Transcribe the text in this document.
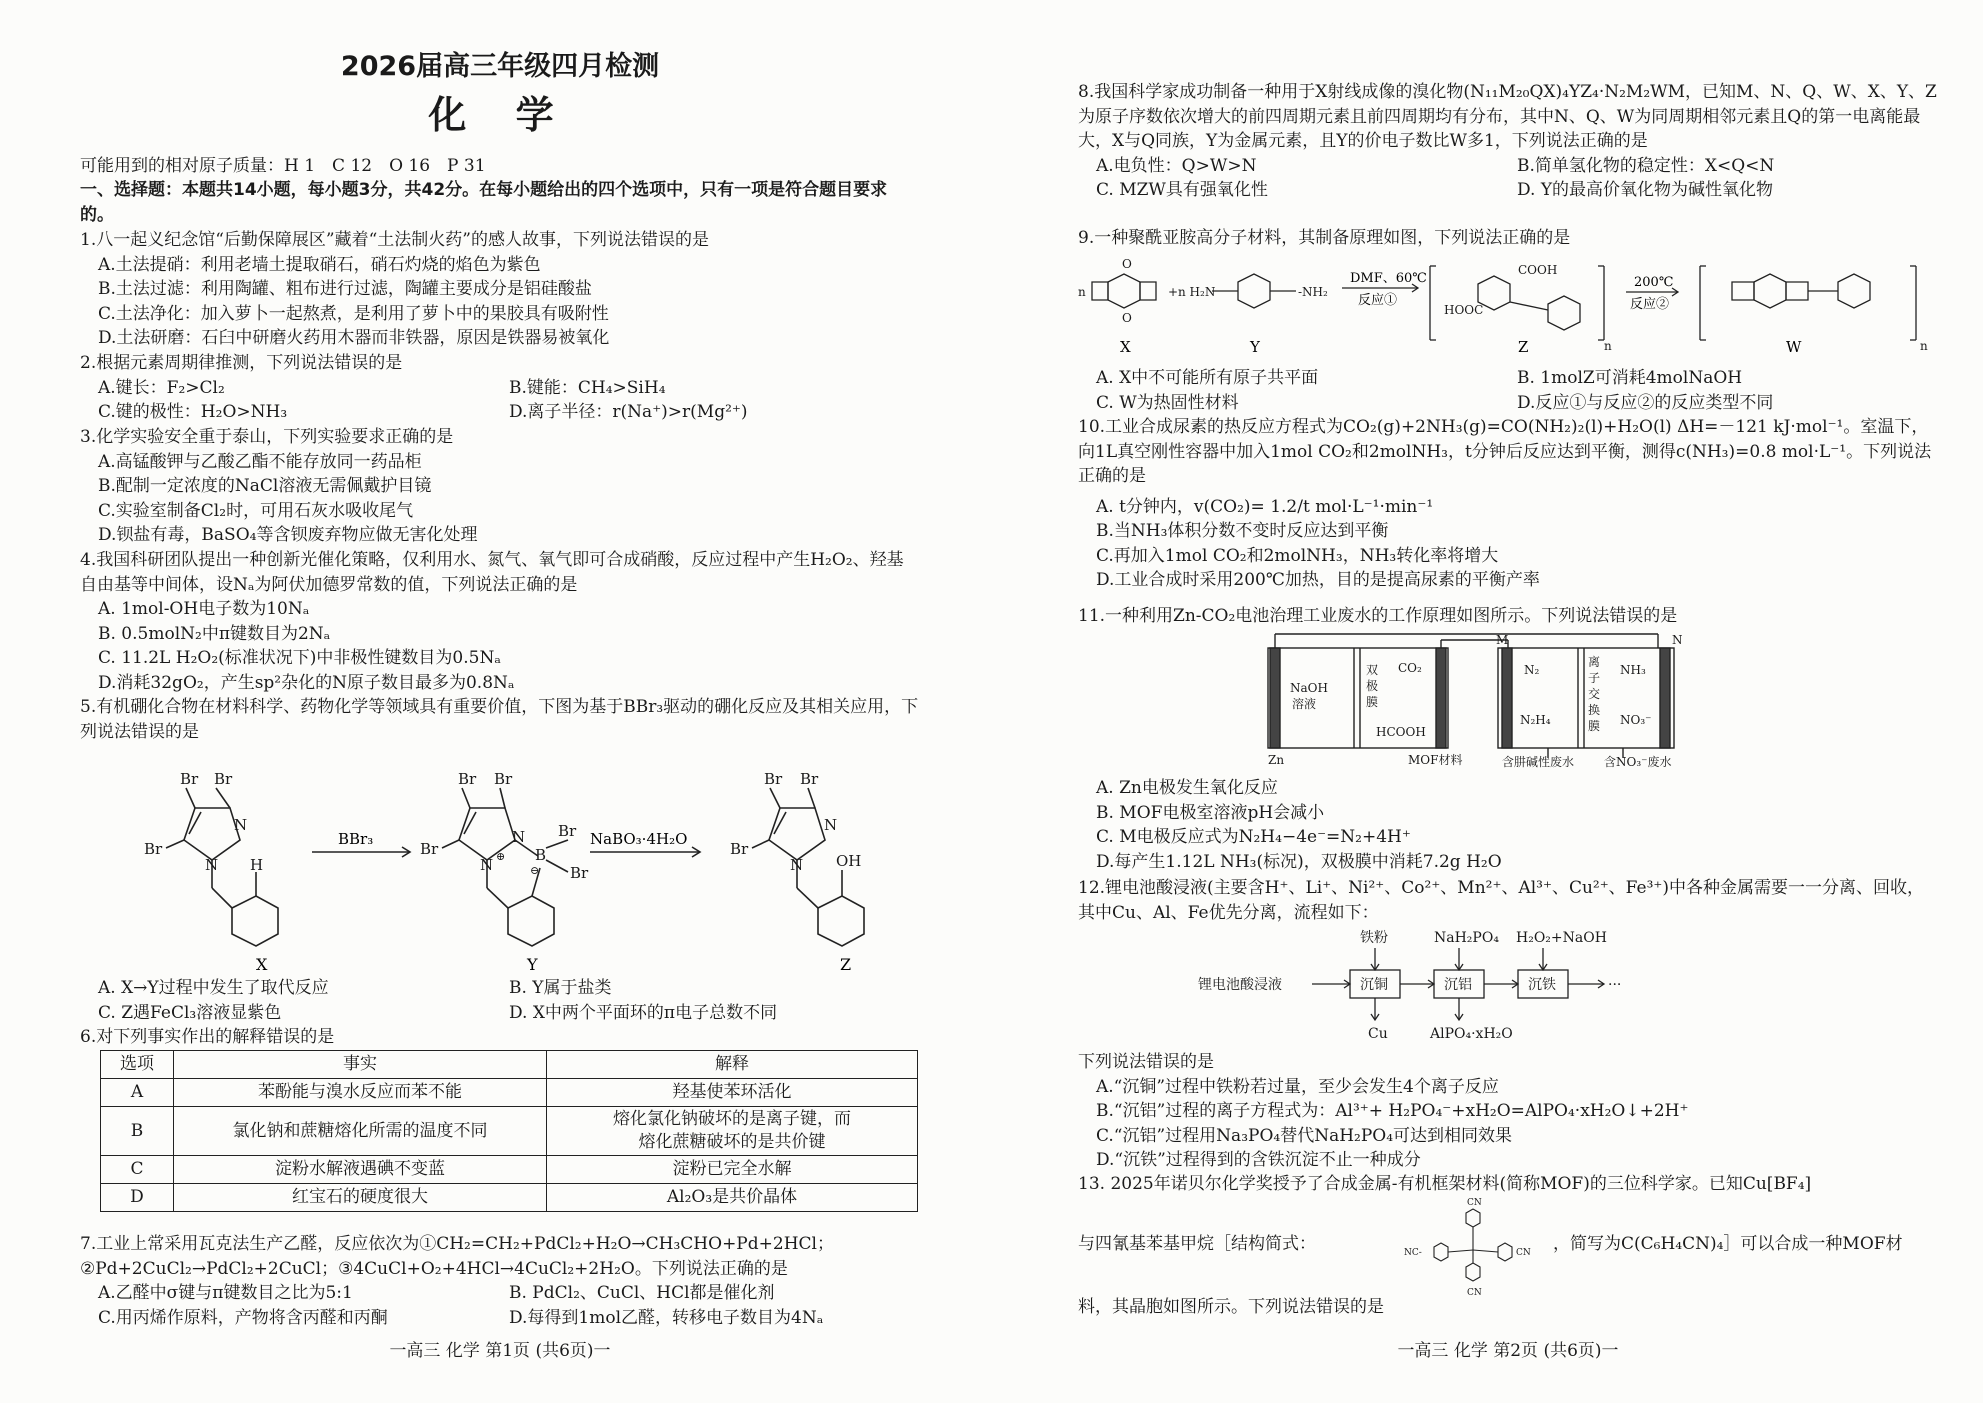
2026届高三年级四月检测
化 学
可能用到的相对原子质量：H 1　C 12　O 16　P 31
一、选择题：本题共14小题，每小题3分，共42分。在每小题给出的四个选项中，只有一项是符合题目要求的。
1.八一起义纪念馆“后勤保障展区”藏着“土法制火药”的感人故事，下列说法错误的是
A.土法提硝：利用老墙土提取硝石，硝石灼烧的焰色为紫色
B.土法过滤：利用陶罐、粗布进行过滤，陶罐主要成分是铝硅酸盐
C.土法净化：加入萝卜一起熬煮，是利用了萝卜中的果胶具有吸附性
D.土法研磨：石臼中研磨火药用木器而非铁器，原因是铁器易被氧化
2.根据元素周期律推测，下列说法错误的是
A.键长：F₂>Cl₂	B.键能：CH₄>SiH₄
C.键的极性：H₂O>NH₃	D.离子半径：r(Na⁺)>r(Mg²⁺)
3.化学实验安全重于泰山，下列实验要求正确的是
A.高锰酸钾与乙酸乙酯不能存放同一药品柜
B.配制一定浓度的NaCl溶液无需佩戴护目镜
C.实验室制备Cl₂时，可用石灰水吸收尾气
D.钡盐有毒，BaSO₄等含钡废弃物应做无害化处理
4.我国科研团队提出一种创新光催化策略，仅利用水、氮气、氧气即可合成硝酸，反应过程中产生H₂O₂、羟基自由基等中间体，设Nₐ为阿伏加德罗常数的值，下列说法正确的是
A. 1mol-OH电子数为10Nₐ
B. 0.5molN₂中π键数目为2Nₐ
C. 11.2L H₂O₂(标准状况下)中非极性键数目为0.5Nₐ
D.消耗32gO₂，产生sp²杂化的N原子数目最多为0.8Nₐ
5.有机硼化合物在材料科学、药物化学等领域具有重要价值，下图为基于BBr₃驱动的硼化反应及其相关应用，下列说法错误的是
Br Br
Br
N
N H
Br Br
Br
N
N ⊕ B
⊖
Br
Br
Br Br
Br
N
N OH
BBr₃	NaBO₃·4H₂O
X	Y	Z
A. X→Y过程中发生了取代反应	B. Y属于盐类
C. Z遇FeCl₃溶液显紫色	D. X中两个平面环的π电子总数不同
6.对下列事实作出的解释错误的是
选项	事实	解释
A	苯酚能与溴水反应而苯不能	羟基使苯环活化
B	氯化钠和蔗糖熔化所需的温度不同	熔化氯化钠破坏的是离子键，而熔化蔗糖破坏的是共价键
C	淀粉水解液遇碘不变蓝	淀粉已完全水解
D	红宝石的硬度很大	Al₂O₃是共价晶体
7.工业上常采用瓦克法生产乙醛，反应依次为①CH₂=CH₂+PdCl₂+H₂O→CH₃CHO+Pd+2HCl；
②Pd+2CuCl₂→PdCl₂+2CuCl；③4CuCl+O₂+4HCl→4CuCl₂+2H₂O。下列说法正确的是
A.乙醛中σ键与π键数目之比为5:1	B. PdCl₂、CuCl、HCl都是催化剂
C.用丙烯作原料，产物将含丙醛和丙酮	D.每得到1mol乙醛，转移电子数目为4Nₐ
一高三 化学 第1页 (共6页)一
8.我国科学家成功制备一种用于X射线成像的溴化物(N₁₁M₂₀QX)₄YZ₄·N₂M₂WM，已知M、N、Q、W、X、Y、Z为原子序数依次增大的前四周期元素且前四周期均有分布，其中N、Q、W为同周期相邻元素且Q的第一电离能最大，X与Q同族，Y为金属元素，且Y的价电子数比W多1，下列说法正确的是
A.电负性：Q>W>N	B.简单氢化物的稳定性：X<Q<N
C. MZW具有强氧化性	D. Y的最高价氧化物为碱性氧化物
9.一种聚酰亚胺高分子材料，其制备原理如图，下列说法正确的是
n	+ n H₂N	-NH₂
COOH
HOOC
n	n
O
O
DMF、60℃
反应①
200℃
反应②
X	Y	Z	W
A. X中不可能所有原子共平面	B. 1molZ可消耗4molNaOH
C. W为热固性材料	D.反应①与反应②的反应类型不同
10.工业合成尿素的热反应方程式为CO₂(g)+2NH₃(g)=CO(NH₂)₂(l)+H₂O(l) ΔH=－121 kJ·mol⁻¹。室温下，向1L真空刚性容器中加入1mol CO₂和2molNH₃，t分钟后反应达到平衡，测得c(NH₃)=0.8 mol·L⁻¹。下列说法正确的是
A. t分钟内，v(CO₂)= 1.2/t mol·L⁻¹·min⁻¹
B.当NH₃体积分数不变时反应达到平衡
C.再加入1mol CO₂和2molNH₃，NH₃转化率将增大
D.工业合成时采用200℃加热，目的是提高尿素的平衡产率
11.一种利用Zn-CO₂电池治理工业废水的工作原理如图所示。下列说法错误的是
双
极
膜
NaOH
溶液
CO₂
HCOOH
Zn	MOF材料
M	N
N₂
N₂H₄
离
子
交
换
膜
NH₃
NO₃⁻
含肼碱性废水 含NO₃⁻废水
A. Zn电极发生氧化反应
B. MOF电极室溶液pH会减小
C. M电极反应式为N₂H₄−4e⁻=N₂+4H⁺
D.每产生1.12L NH₃(标况)，双极膜中消耗7.2g H₂O
12.锂电池酸浸液(主要含H⁺、Li⁺、Ni²⁺、Co²⁺、Mn²⁺、Al³⁺、Cu²⁺、Fe³⁺)中各种金属需要一一分离、回收，其中Cu、Al、Fe优先分离，流程如下：
锂电池酸浸液
铁粉	NaH₂PO₄ H₂O₂+NaOH
沉铜	沉铝	沉铁	···
Cu	AlPO₄·xH₂O
下列说法错误的是
A.“沉铜”过程中铁粉若过量，至少会发生4个离子反应
B.“沉铝”过程的离子方程式为：Al³⁺+ H₂PO₄⁻+xH₂O=AlPO₄·xH₂O↓+2H⁺
C.“沉铝”过程用Na₃PO₄替代NaH₂PO₄可达到相同效果
D.“沉铁”过程得到的含铁沉淀不止一种成分
13. 2025年诺贝尔化学奖授予了合成金属-有机框架材料(简称MOF)的三位科学家。已知Cu[BF₄]
与四氰基苯基甲烷［结构简式：
CN
CN
NC-	CN ，简写为C(C₆H₄CN)₄］可以合成一种MOF材
料，其晶胞如图所示。下列说法错误的是
一高三 化学 第2页 (共6页)一
